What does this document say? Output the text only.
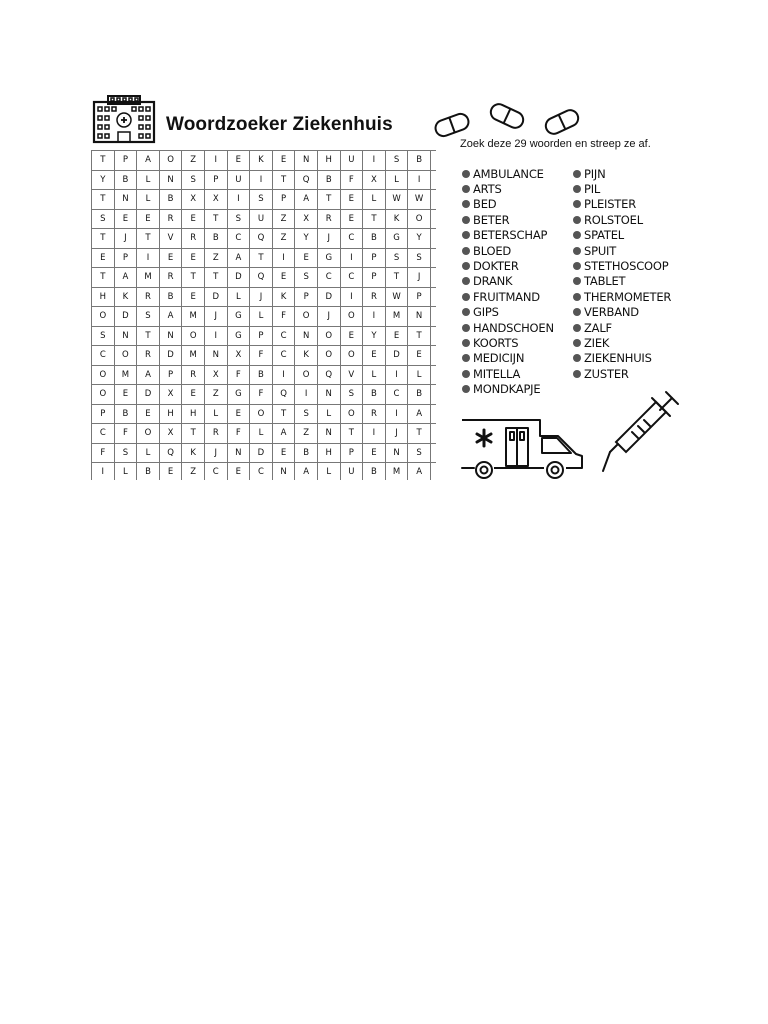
Woordzoeker Ziekenhuis
Zoek deze 29 woorden en streep ze af.
T	P	A	O	Z	I	E	K	E	N	H	U	I	S	B			
Y	B	L	N	S	P	U	I	T	Q	B	F	X	L	I			
T	N	L	B	X	X	I	S	P	A	T	E	L	W	W			
S	E	E	R	E	T	S	U	Z	X	R	E	T	K	O			
T	J	T	V	R	B	C	Q	Z	Y	J	C	B	G	Y			
E	P	I	E	E	Z	A	T	I	E	G	I	P	S	S			
T	A	M	R	T	T	D	Q	E	S	C	C	P	T	J			
H	K	R	B	E	D	L	J	K	P	D	I	R	W	P			
O	D	S	A	M	J	G	L	F	O	J	O	I	M	N			
S	N	T	N	O	I	G	P	C	N	O	E	Y	E	T			
C	O	R	D	M	N	X	F	C	K	O	O	E	D	E			
O	M	A	P	R	X	F	B	I	O	Q	V	L	I	L			
O	E	D	X	E	Z	G	F	Q	I	N	S	B	C	B			
P	B	E	H	H	L	E	O	T	S	L	O	R	I	A			
C	F	O	X	T	R	F	L	A	Z	N	T	I	J	T			
F	S	L	Q	K	J	N	D	E	B	H	P	E	N	S			
I	L	B	E	Z	C	E	C	N	A	L	U	B	M	A			

AMBULANCE
ARTS
BED
BETER
BETERSCHAP
BLOED
DOKTER
DRANK
FRUITMAND
GIPS
HANDSCHOEN
KOORTS
MEDICIJN
MITELLA
MONDKAPJE
PIJN
PIL
PLEISTER
ROLSTOEL
SPATEL
SPUIT
STETHOSCOOP
TABLET
THERMOMETER
VERBAND
ZALF
ZIEK
ZIEKENHUIS
ZUSTER
